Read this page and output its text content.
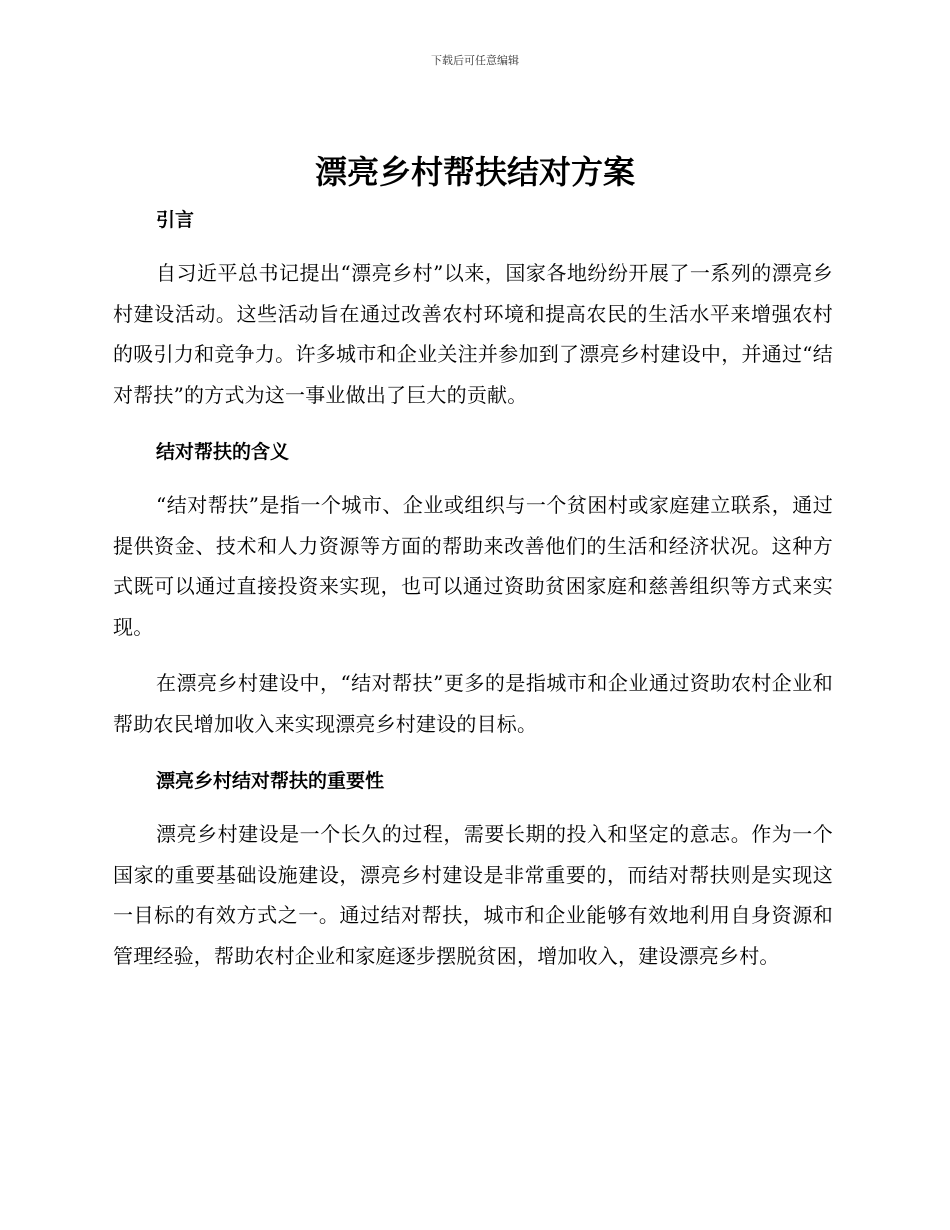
下载后可任意编辑
漂亮乡村帮扶结对方案
引言

自习近平总书记提出“漂亮乡村”以来，国家各地纷纷开展了一系列的漂亮乡村建设活动。这些活动旨在通过改善农村环境和提高农民的生活水平来增强农村的吸引力和竞争力。许多城市和企业关注并参加到了漂亮乡村建设中，并通过“结对帮扶”的方式为这一事业做出了巨大的贡献。

结对帮扶的含义

“结对帮扶”是指一个城市、企业或组织与一个贫困村或家庭建立联系，通过提供资金、技术和人力资源等方面的帮助来改善他们的生活和经济状况。这种方式既可以通过直接投资来实现，也可以通过资助贫困家庭和慈善组织等方式来实现。

在漂亮乡村建设中，“结对帮扶”更多的是指城市和企业通过资助农村企业和帮助农民增加收入来实现漂亮乡村建设的目标。

漂亮乡村结对帮扶的重要性

漂亮乡村建设是一个长久的过程，需要长期的投入和坚定的意志。作为一个国家的重要基础设施建设，漂亮乡村建设是非常重要的，而结对帮扶则是实现这一目标的有效方式之一。通过结对帮扶，城市和企业能够有效地利用自身资源和管理经验，帮助农村企业和家庭逐步摆脱贫困，增加收入，建设漂亮乡村。
